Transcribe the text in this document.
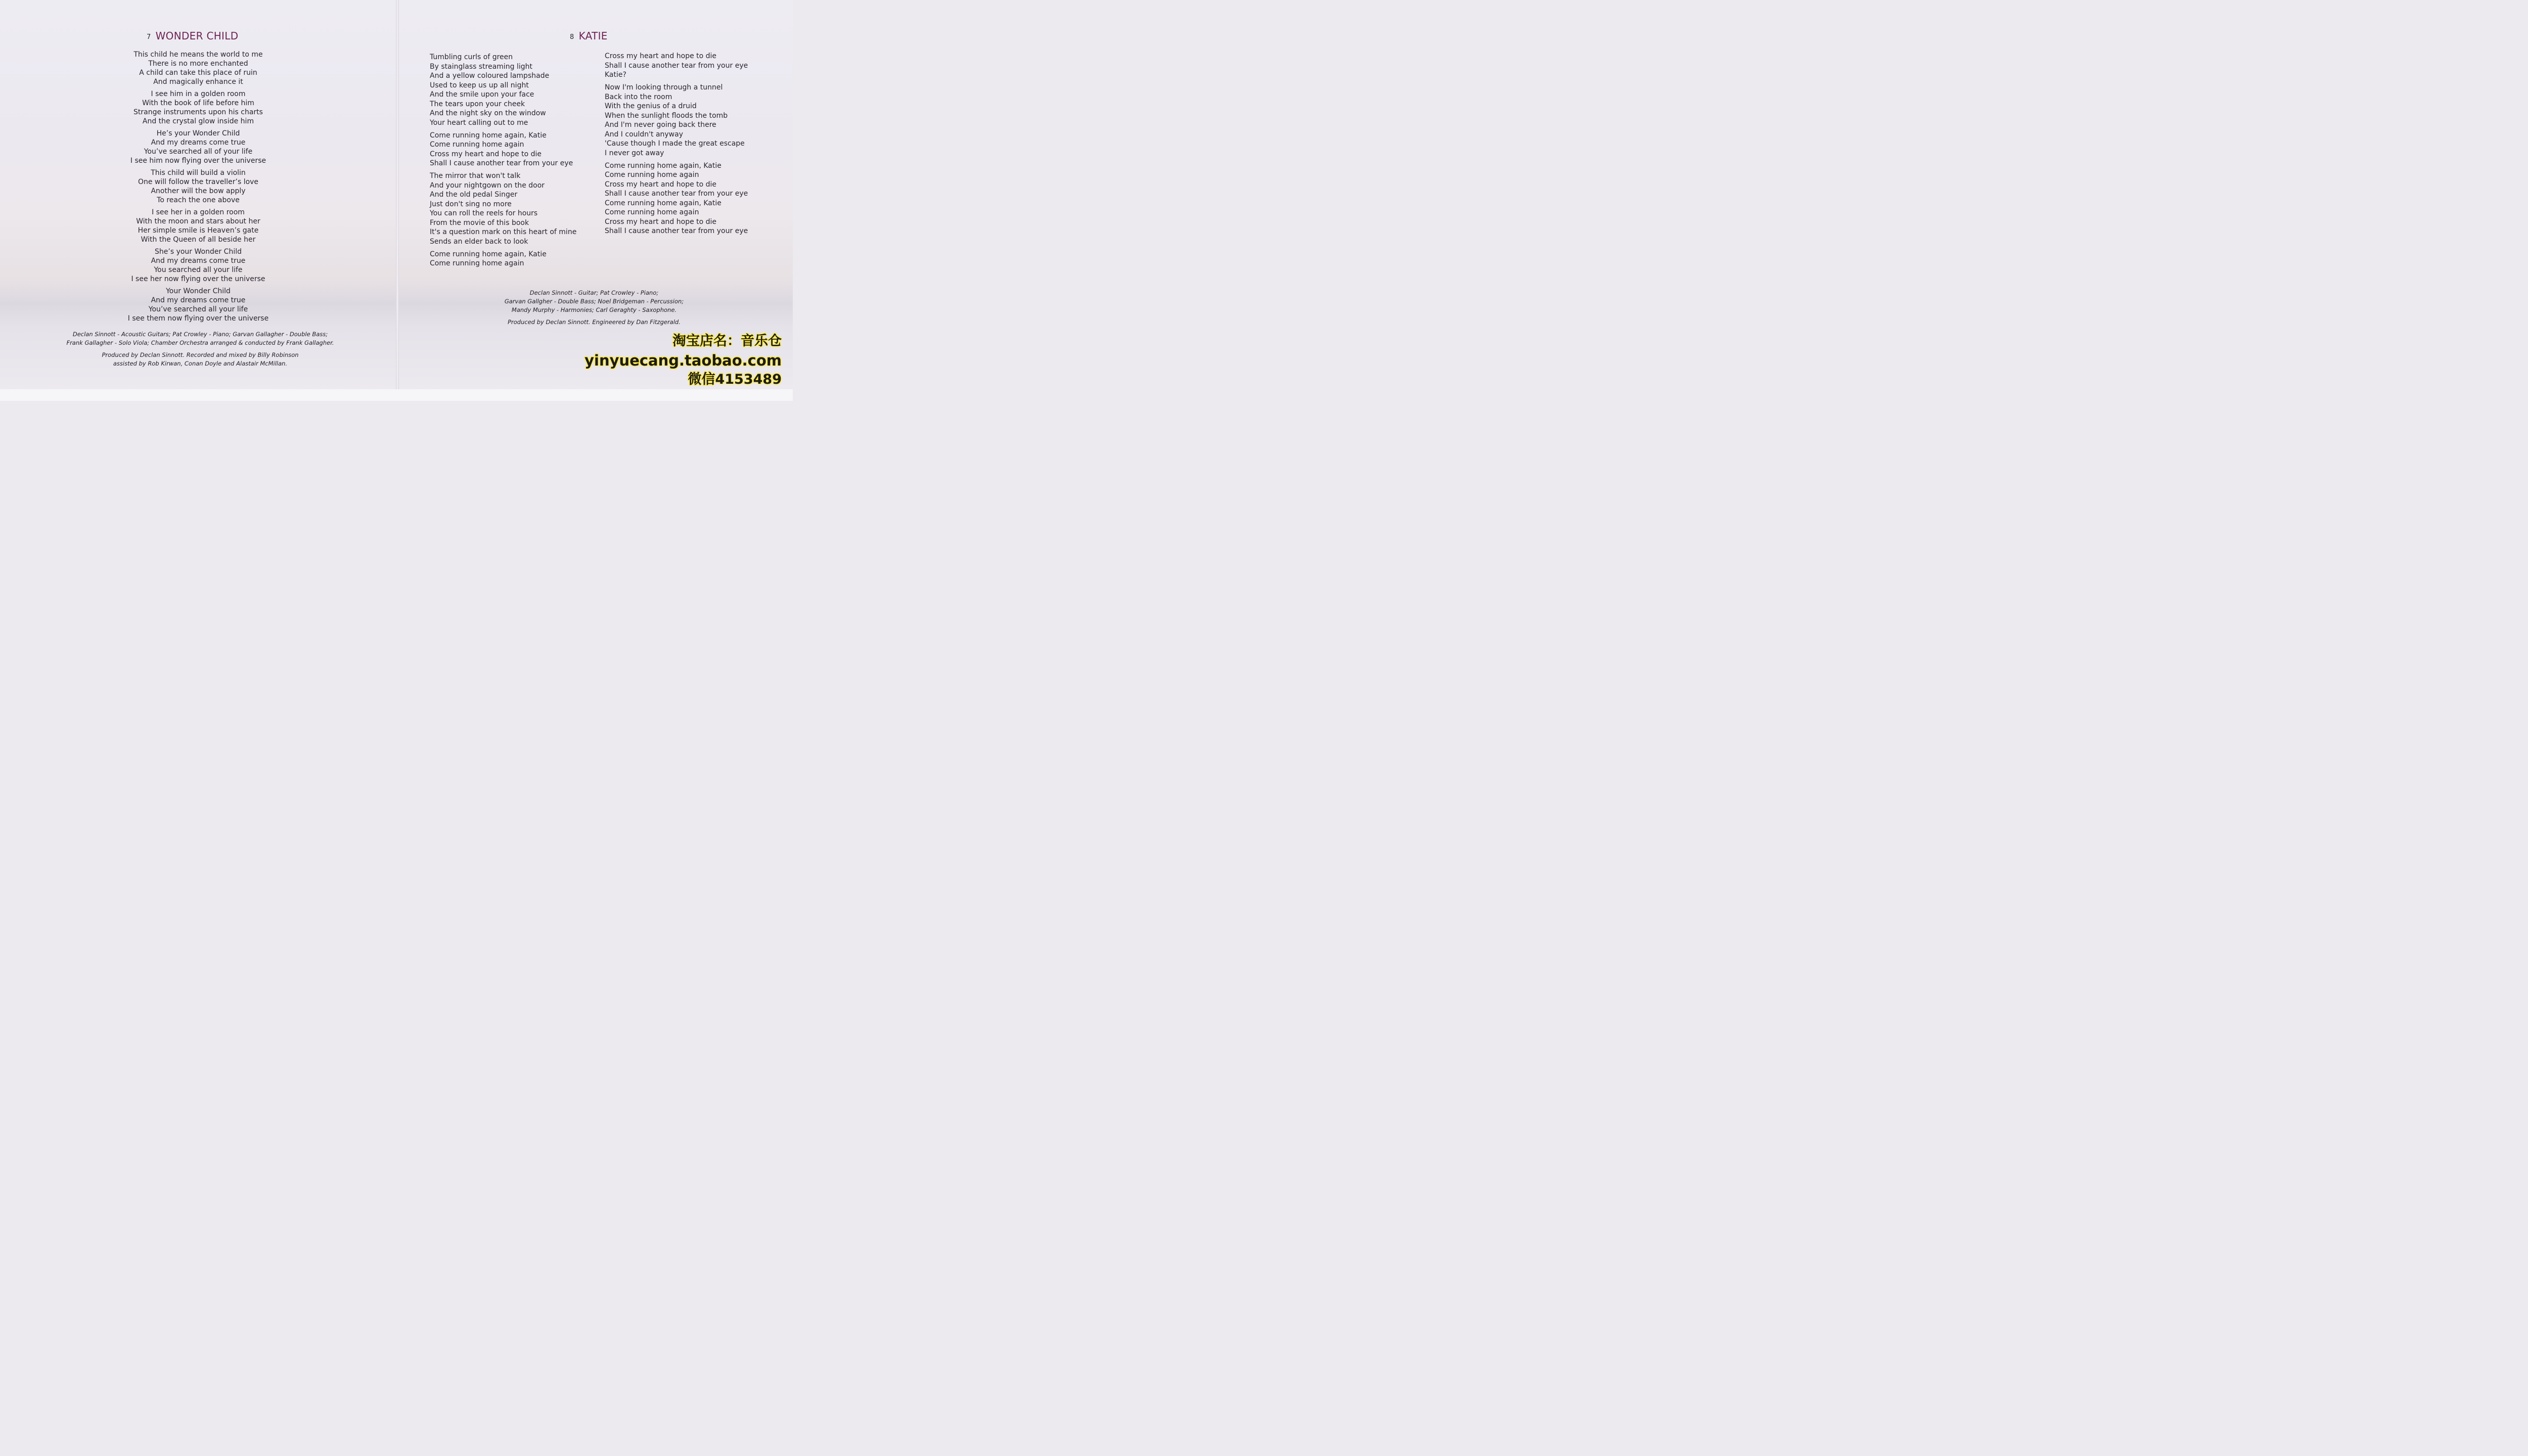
7 WONDER CHILD
This child he means the world to me
There is no more enchanted
A child can take this place of ruin
And magically enhance it
I see him in a golden room
With the book of life before him
Strange instruments upon his charts
And the crystal glow inside him
He’s your Wonder Child
And my dreams come true
You’ve searched all of your life
I see him now flying over the universe
This child will build a violin
One will follow the traveller’s love
Another will the bow apply
To reach the one above
I see her in a golden room
With the moon and stars about her
Her simple smile is Heaven’s gate
With the Queen of all beside her
She’s your Wonder Child
And my dreams come true
You searched all your life
I see her now flying over the universe
Your Wonder Child
And my dreams come true
You’ve searched all your life
I see them now flying over the universe
Declan Sinnott - Acoustic Guitars; Pat Crowley - Piano; Garvan Gallagher - Double Bass;
Frank Gallagher - Solo Viola; Chamber Orchestra arranged & conducted by Frank Gallagher.
Produced by Declan Sinnott. Recorded and mixed by Billy Robinson
assisted by Rob Kirwan, Conan Doyle and Alastair McMillan.
8 KATIE
Tumbling curls of green
By stainglass streaming light
And a yellow coloured lampshade
Used to keep us up all night
And the smile upon your face
The tears upon your cheek
And the night sky on the window
Your heart calling out to me
Come running home again, Katie
Come running home again
Cross my heart and hope to die
Shall I cause another tear from your eye
The mirror that won't talk
And your nightgown on the door
And the old pedal Singer
Just don't sing no more
You can roll the reels for hours
From the movie of this book
It's a question mark on this heart of mine
Sends an elder back to look
Come running home again, Katie
Come running home again
Cross my heart and hope to die
Shall I cause another tear from your eye
Katie?
Now I'm looking through a tunnel
Back into the room
With the genius of a druid
When the sunlight floods the tomb
And I'm never going back there
And I couldn't anyway
'Cause though I made the great escape
I never got away
Come running home again, Katie
Come running home again
Cross my heart and hope to die
Shall I cause another tear from your eye
Come running home again, Katie
Come running home again
Cross my heart and hope to die
Shall I cause another tear from your eye
Declan Sinnott - Guitar; Pat Crowley - Piano;
Garvan Gallgher - Double Bass; Noel Bridgeman - Percussion;
Mandy Murphy - Harmonies; Carl Geraghty - Saxophone.
Produced by Declan Sinnott. Engineered by Dan Fitzgerald.
淘宝店名：音乐仓
yinyuecang.taobao.com
微信4153489
